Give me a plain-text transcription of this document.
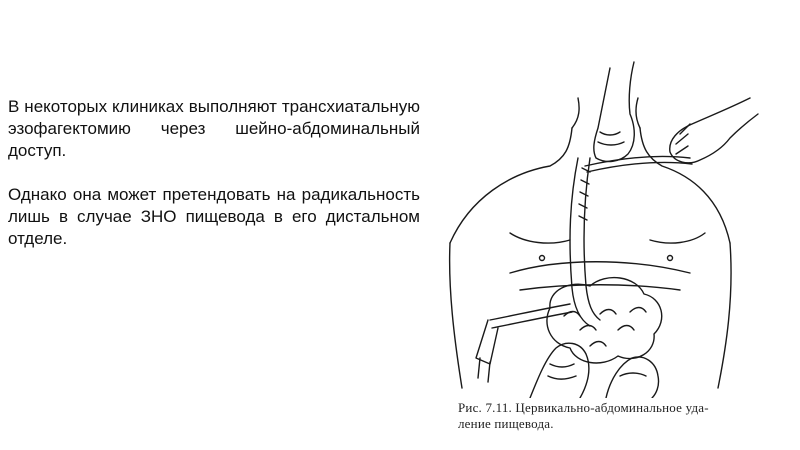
В некоторых клиниках выполняют трансхиатальную эзофагектомию через шейно-абдоминальный доступ.

Однако она может претендовать на радикальность лишь в случае ЗНО пищевода в его дистальном отделе.

Рис. 7.11. Цервикально-абдоминальное уда-
ление пищевода.
